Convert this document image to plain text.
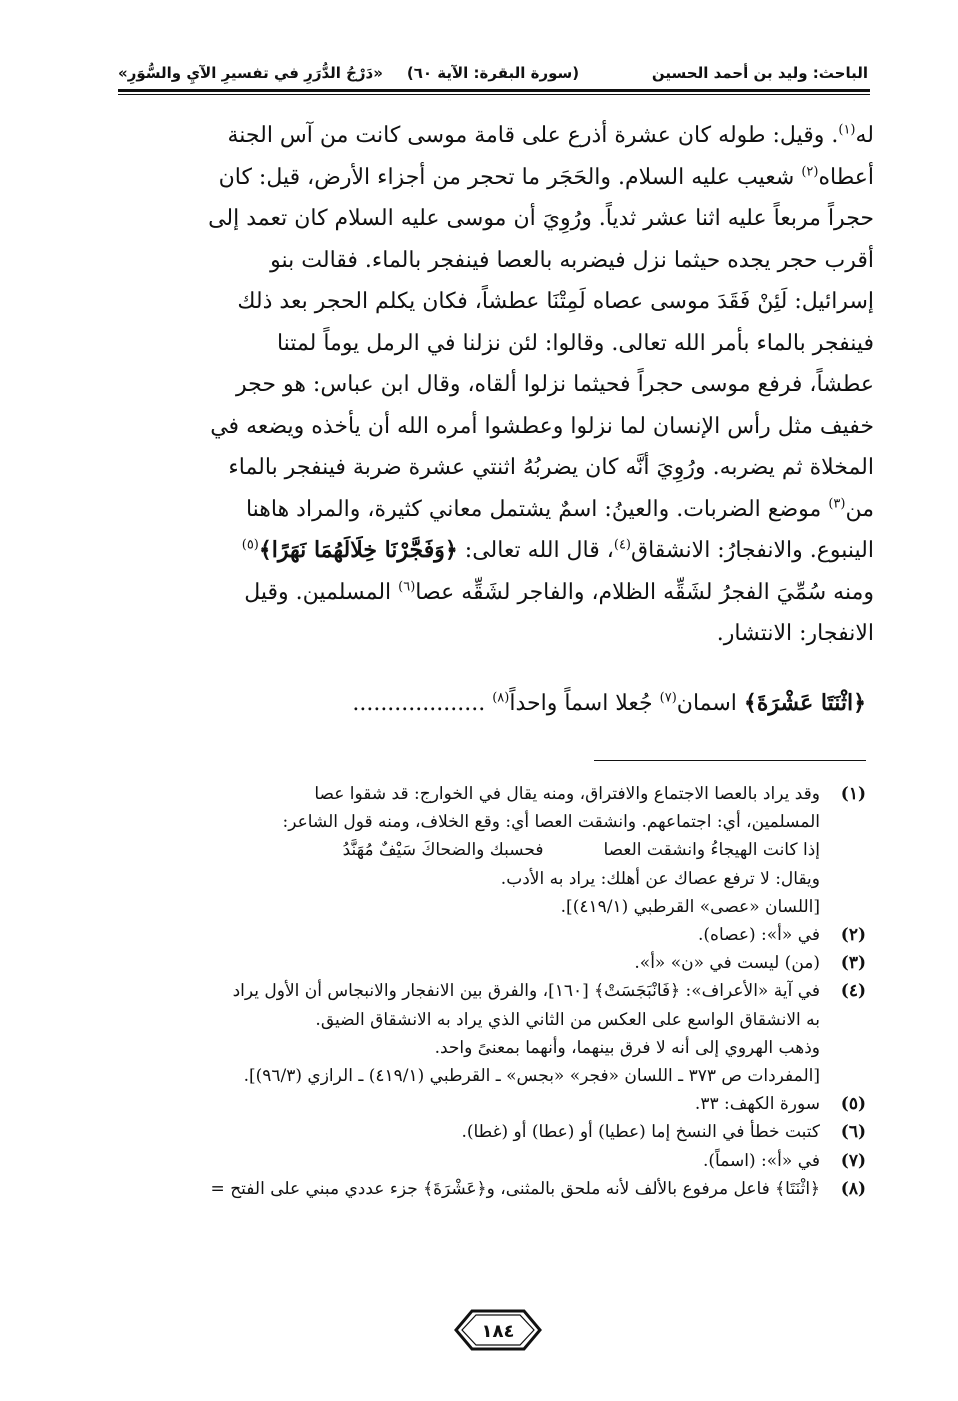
الباحث: وليد بن أحمد الحسين
(سورة البقرة: الآية ٦٠)
«دَرْجُ الدُّرَرِ في تفسيرِ الآيِ والسُّوَرِ»
له$^{(١)}$. وقيل: طوله كان عشرة أذرع على قامة موسى كانت من آس الجنة
أعطاه$^{(٢)}$ شعيب عليه السلام. والحَجَر ما تحجر من أجزاء الأرض، قيل: كان
حجراً مربعاً عليه اثنا عشر ثدياً. ورُوِيَ أن موسى عليه السلام كان تعمد إلى
أقرب حجر يجده حيثما نزل فيضربه بالعصا فينفجر بالماء. فقالت بنو
إسرائيل: لَئِنْ فَقَدَ موسى عصاه لَمِتْنَا عطشاً، فكان يكلم الحجر بعد ذلك
فينفجر بالماء بأمر الله تعالى. وقالوا: لئن نزلنا في الرمل يوماً لمتنا
عطشاً، فرفع موسى حجراً فحيثما نزلوا ألقاه، وقال ابن عباس: هو حجر
خفيف مثل رأس الإنسان لما نزلوا وعطشوا أمره الله أن يأخذه ويضعه في
المخلاة ثم يضربه. ورُوِيَ أنَّه كان يضربُهُ اثنتي عشرة ضربة فينفجر بالماء
من$^{(٣)}$ موضع الضربات. والعينُ: اسمٌ يشتمل معاني كثيرة، والمراد هاهنا
الينبوع. والانفجارُ: الانشقاق$^{(٤)}$، قال الله تعالى: ﴿وَفَجَّرْنَا خِلَالَهُمَا نَهَرًا﴾$^{(٥)}$
ومنه سُمِّيَ الفجرُ لشَقِّه الظلام، والفاجر لشَقِّه عصا$^{(٦)}$ المسلمين. وقيل
الانفجار: الانتشار.
﴿اثْنَتَا عَشْرَةَ﴾ اسمان$^{(٧)}$ جُعلا اسماً واحداً$^{(٨)}$ ...................
(١)
وقد يراد بالعصا الاجتماع والافتراق، ومنه يقال في الخوارج: قد شقوا عصا
المسلمين، أي: اجتماعهم. وانشقت العصا أي: وقع الخلاف، ومنه قول الشاعر:
إذا كانت الهيجاءُ وانشقت العصافحسبك والضحاكَ سَيْفٌ مُهَنَّدُ
ويقال: لا ترفع عصاك عن أهلك: يراد به الأدب.
[اللسان «عصى» القرطبي (٤١٩/١)].
(٢)
في «أ»: (عصاه).
(٣)
(من) ليست في «ن» «أ».
(٤)
في آية «الأعراف»: ﴿فَانْبَجَسَتْ﴾ [١٦٠]، والفرق بين الانفجار والانبجاس أن الأول يراد
به الانشقاق الواسع على العكس من الثاني الذي يراد به الانشقاق الضيق.
وذهب الهروي إلى أنه لا فرق بينهما، وأنهما بمعنىً واحد.
[المفردات ص ٣٧٣ ـ اللسان «فجر» «بجس» ـ القرطبي (٤١٩/١) ـ الرازي (٩٦/٣)].
(٥)
سورة الكهف: ٣٣.
(٦)
كتبت خطأ في النسخ إما (عطيا) أو (عطا) أو (غطا).
(٧)
في «أ»: (اسماً).
(٨)
﴿اثْنَتَا﴾ فاعل مرفوع بالألف لأنه ملحق بالمثنى، و﴿عَشْرَةَ﴾ جزء عددي مبني على الفتح =
١٨٤
